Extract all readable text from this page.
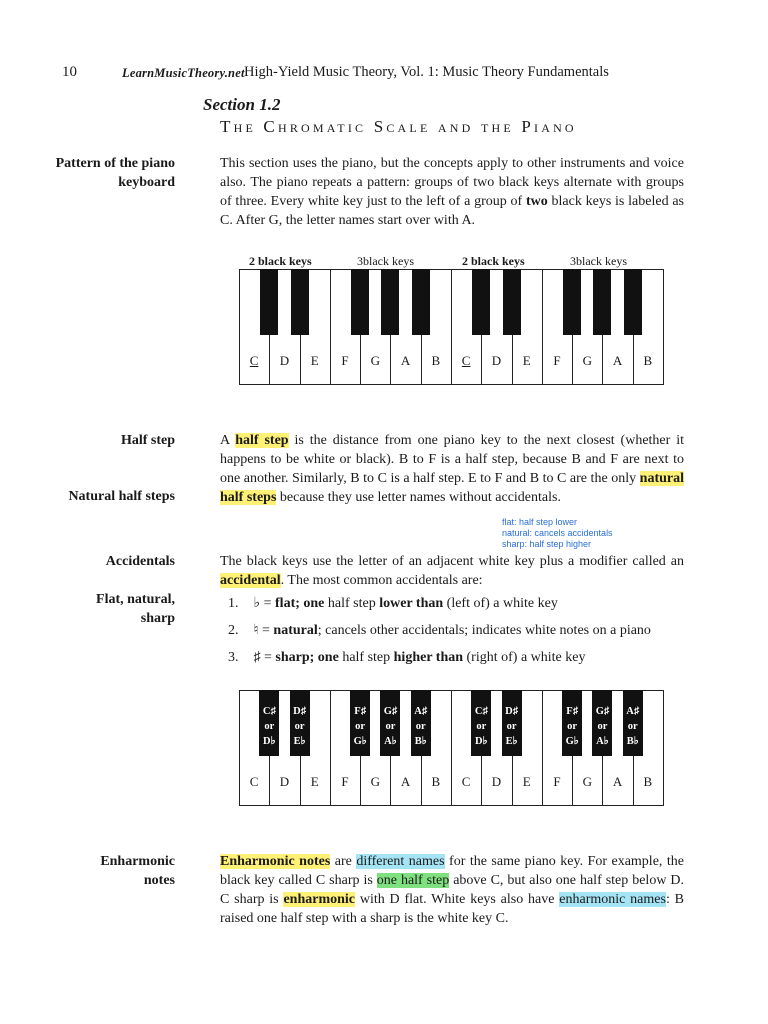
10	LearnMusicTheory.net High-Yield Music Theory, Vol. 1: Music Theory Fundamentals
Section 1.2
The Chromatic Scale and the Piano
Pattern of the piano keyboard
Half step
Natural half steps
Accidentals
Flat, natural, sharp
Enharmonic notes
This section uses the piano, but the concepts apply to other instruments and voice also. The piano repeats a pattern: groups of two black keys alternate with groups of three. Every white key just to the left of a group of two black keys is labeled as C. After G, the letter names start over with A.
2 black keys	3black keys	2 black keys	3black keys
C	D	E	F	G	A	B	C	D	E	F	G	A	B
A half step is the distance from one piano key to the next closest (whether it happens to be white or black). B to F is a half step, because B and F are next to one another. Similarly, B to C is a half step. E to F and B to C are the only natural half steps because they use letter names without accidentals.
flat: half step lower
natural: cancels accidentals
sharp: half step higher
The black keys use the letter of an adjacent white key plus a modifier called an accidental. The most common accidentals are:
1. ♭ = flat; one half step lower than (left of) a white key
2. ♮ = natural; cancels other accidentals; indicates white notes on a piano
3. ♯ = sharp; one half step higher than (right of) a white key
C	D	E	F	G	A	B	C	D	E	F	G	A	B
C♯
or
D♭
D♯
or
E♭
F♯
or
G♭
G♯
or
A♭
A♯
or
B♭
C♯
or
D♭
D♯
or
E♭
F♯
or
G♭
G♯
or
A♭
A♯
or
B♭
Enharmonic notes are different names for the same piano key. For example, the black key called C sharp is one half step above C, but also one half step below D. C sharp is enharmonic with D flat. White keys also have enharmonic names: B raised one half step with a sharp is the white key C.
